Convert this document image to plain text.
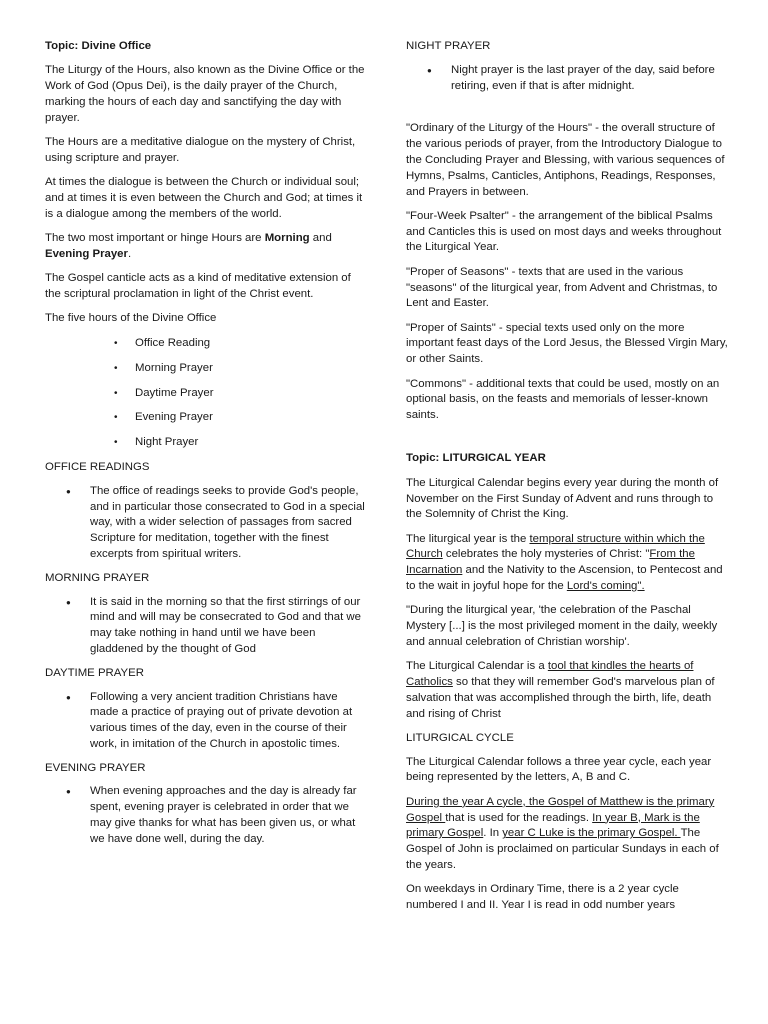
Topic: Divine Office

The Liturgy of the Hours, also known as the Divine Office or the Work of God (Opus Dei), is the daily prayer of the Church, marking the hours of each day and sanctifying the day with prayer.

The Hours are a meditative dialogue on the mystery of Christ, using scripture and prayer.

At times the dialogue is between the Church or individual soul; and at times it is even between the Church and God; at times it is a dialogue among the members of the world.

The two most important or hinge Hours are Morning and Evening Prayer.

The Gospel canticle acts as a kind of meditative extension of the scriptural proclamation in light of the Christ event.

The five hours of the Divine Office

• Office Reading
• Morning Prayer
• Daytime Prayer
• Evening Prayer
• Night Prayer

OFFICE READINGS

● The office of readings seeks to provide God's people, and in particular those consecrated to God in a special way, with a wider selection of passages from sacred Scripture for meditation, together with the finest excerpts from spiritual writers.

MORNING PRAYER

● It is said in the morning so that the first stirrings of our mind and will may be consecrated to God and that we may take nothing in hand until we have been gladdened by the thought of God

DAYTIME PRAYER

● Following a very ancient tradition Christians have made a practice of praying out of private devotion at various times of the day, even in the course of their work, in imitation of the Church in apostolic times.

EVENING PRAYER

● When evening approaches and the day is already far spent, evening prayer is celebrated in order that we may give thanks for what has been given us, or what we have done well, during the day.

NIGHT PRAYER

● Night prayer is the last prayer of the day, said before retiring, even if that is after midnight.

"Ordinary of the Liturgy of the Hours" - the overall structure of the various periods of prayer, from the Introductory Dialogue to the Concluding Prayer and Blessing, with various sequences of Hymns, Psalms, Canticles, Antiphons, Readings, Responses, and Prayers in between.

"Four-Week Psalter" - the arrangement of the biblical Psalms and Canticles this is used on most days and weeks throughout the Liturgical Year.

"Proper of Seasons" - texts that are used in the various "seasons" of the liturgical year, from Advent and Christmas, to Lent and Easter.

"Proper of Saints" - special texts used only on the more important feast days of the Lord Jesus, the Blessed Virgin Mary, or other Saints.

"Commons" - additional texts that could be used, mostly on an optional basis, on the feasts and memorials of lesser-known saints.

Topic: LITURGICAL YEAR

The Liturgical Calendar begins every year during the month of November on the First Sunday of Advent and runs through to the Solemnity of Christ the King.

The liturgical year is the temporal structure within which the Church celebrates the holy mysteries of Christ: "From the Incarnation and the Nativity to the Ascension, to Pentecost and to the wait in joyful hope for the Lord's coming".

"During the liturgical year, 'the celebration of the Paschal Mystery [...] is the most privileged moment in the daily, weekly and annual celebration of Christian worship'.

The Liturgical Calendar is a tool that kindles the hearts of Catholics so that they will remember God's marvelous plan of salvation that was accomplished through the birth, life, death and rising of Christ

LITURGICAL CYCLE

The Liturgical Calendar follows a three year cycle, each year being represented by the letters, A, B and C.

During the year A cycle, the Gospel of Matthew is the primary Gospel that is used for the readings. In year B, Mark is the primary Gospel. In year C Luke is the primary Gospel. The Gospel of John is proclaimed on particular Sundays in each of the years.

On weekdays in Ordinary Time, there is a 2 year cycle numbered I and II. Year I is read in odd number years
